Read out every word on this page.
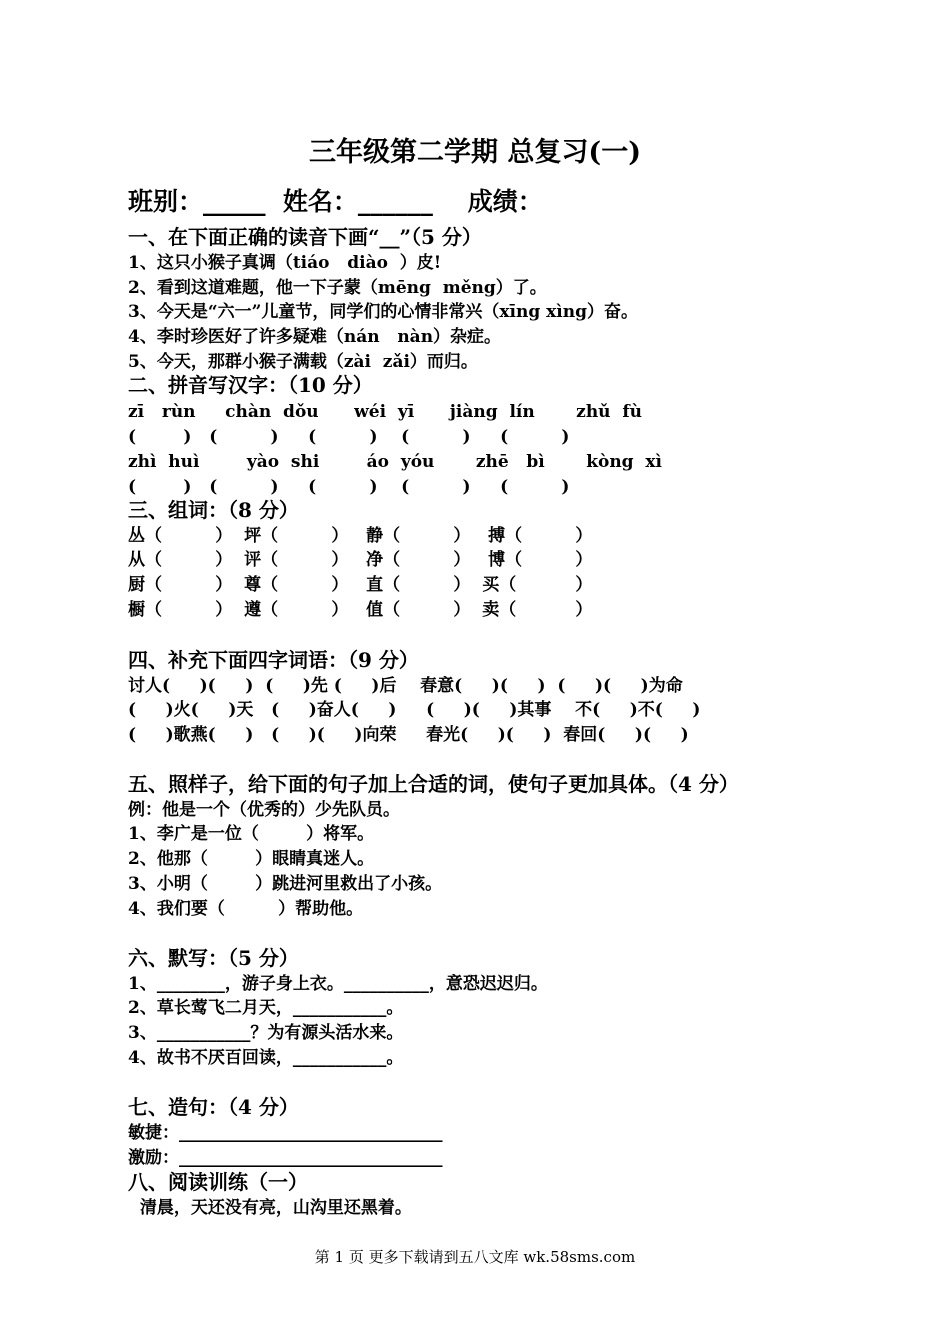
三年级第二学期 总复习(一)
班别：_____  姓名：______    成绩：
一、在下面正确的读音下画“__”（5 分）
1、这只小猴子真调（tiáo   diào  ）皮!
2、看到这道难题，他一下子蒙（mēng  měng）了。
3、今天是“六一”儿童节，同学们的心情非常兴（xīng xìng）奋。
4、李时珍医好了许多疑难（nán   nàn）杂症。
5、今天，那群小猴子满载（zài  zǎi）而归。
二、拼音写汉字：（10 分）
zī   rùn     chàn  dǒu      wéi  yī      jiàng  lín       zhǔ  fù
(        )   (         )     (         )    (         )     (         )
zhì  huì        yào  shi        áo  yóu       zhē   bì       kòng  xì
(        )   (         )     (         )    (         )     (         )
三、组词：（8 分）
丛（         ）  坪（         ）   静（         ）   搏（         ）
从（         ）  评（         ）   净（         ）   博（         ）
厨（         ）  尊（         ）   直（         ）  买（          ）
橱（         ）  遵（         ）   值（         ）  卖（          ）
四、补充下面四字词语：（9 分）
讨人(     )(     )  (     )先 (     )后    春意(     )(     )  (     )(     )为命
(     )火(     )天   (     )奋人(     )     (     )(     )其事    不(     )不(     )
(     )歌燕(     )   (     )(     )向荣     春光(     )(     )  春回(     )(     )
五、照样子，给下面的句子加上合适的词，使句子更加具体。（4 分）
例：他是一个（优秀的）少先队员。
1、李广是一位（        ）将军。
2、他那（        ）眼睛真迷人。
3、小明（        ）跳进河里救出了小孩。
4、我们要（         ）帮助他。
六、默写：（5 分）
1、________，游子身上衣。__________，意恐迟迟归。
2、草长莺飞二月天，___________。
3、___________？为有源头活水来。
4、故书不厌百回读，___________。
七、造句：（4 分）
敏捷：_______________________________
激励：_______________________________
八、阅读训练（一）
清晨，天还没有亮，山沟里还黑着。
第 1 页 更多下载请到五八文库 wk.58sms.com
